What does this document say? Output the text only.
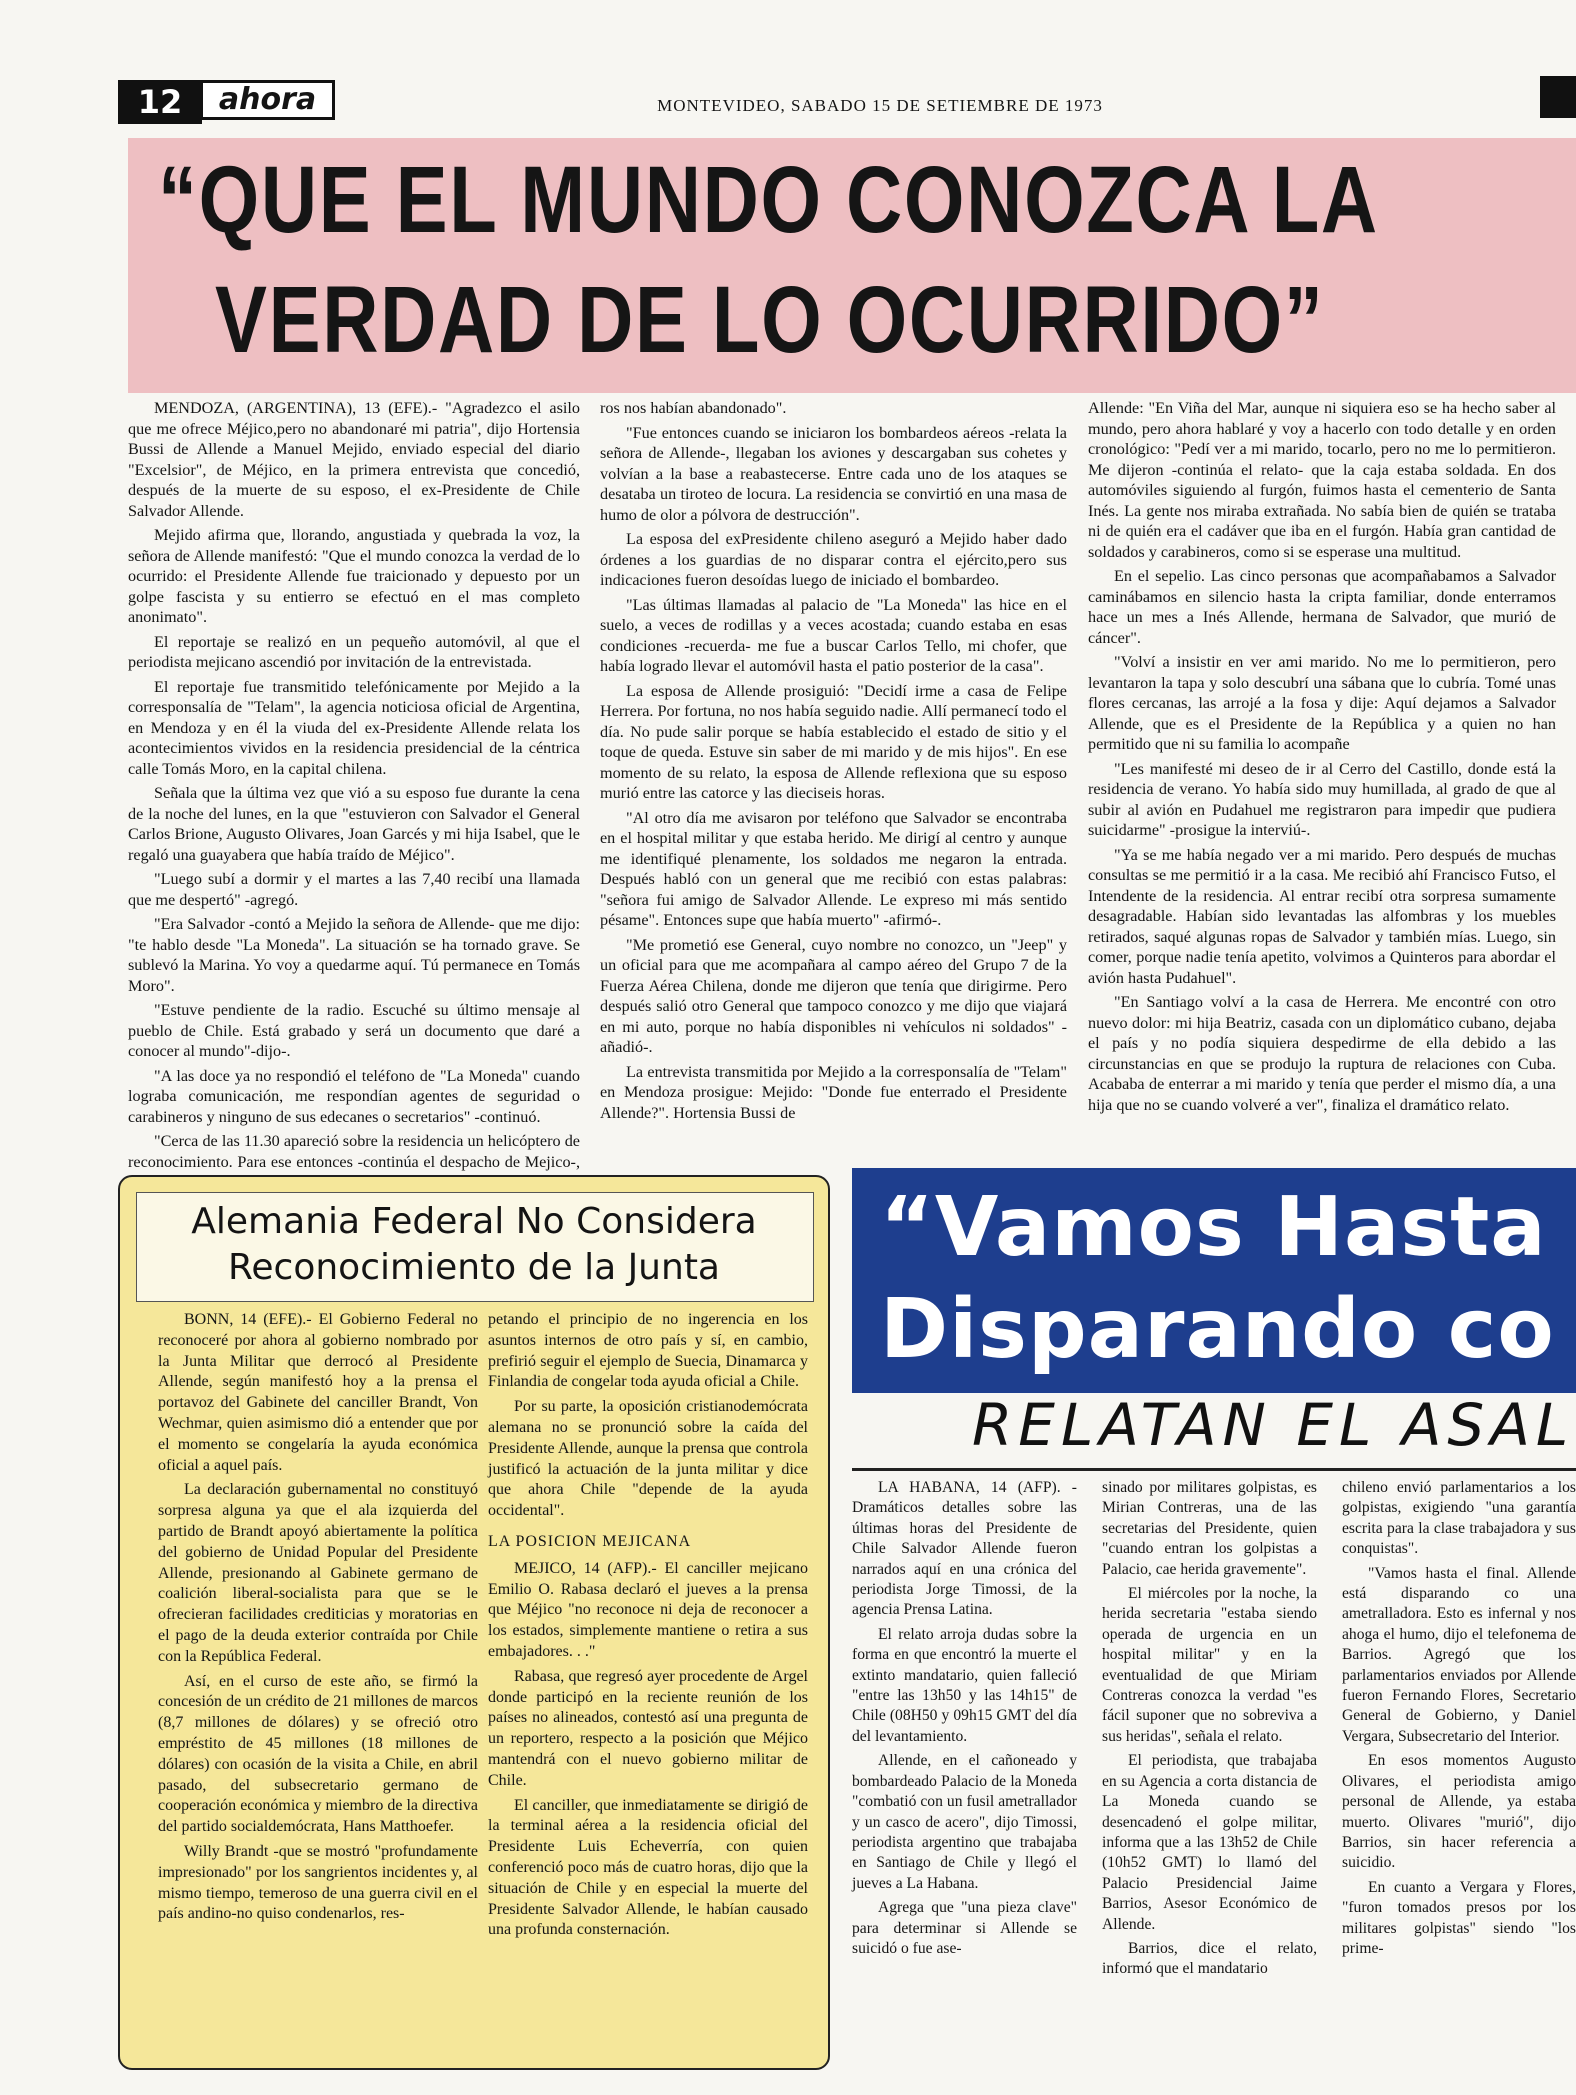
12	ahora	MONTEVIDEO, SABADO 15 DE SETIEMBRE DE 1973
“QUE EL MUNDO CONOZCA LA
VERDAD DE LO OCURRIDO”

MENDOZA, (ARGENTINA), 13 (EFE).- "Agradezco el asilo que me ofrece Méjico,pero no abandonaré mi patria", dijo Hortensia Bussi de Allende a Manuel Mejido, enviado especial del diario "Excelsior", de Méjico, en la primera entrevista que concedió, después de la muerte de su esposo, el ex-Presidente de Chile Salvador Allende.

Mejido afirma que, llorando, angustiada y quebrada la voz, la señora de Allende manifestó: "Que el mundo conozca la verdad de lo ocurrido: el Presidente Allende fue traicionado y depuesto por un golpe fascista y su entierro se efectuó en el mas completo anonimato".

El reportaje se realizó en un pequeño automóvil, al que el periodista mejicano ascendió por invitación de la entrevistada.

El reportaje fue transmitido telefónicamente por Mejido a la corresponsalía de "Telam", la agencia noticiosa oficial de Argentina, en Mendoza y en él la viuda del ex-Presidente Allende relata los acontecimientos vividos en la residencia presidencial de la céntrica calle Tomás Moro, en la capital chilena.

Señala que la última vez que vió a su esposo fue durante la cena de la noche del lunes, en la que "estuvieron con Salvador el General Carlos Brione, Augusto Olivares, Joan Garcés y mi hija Isabel, que le regaló una guayabera que había traído de Méjico".

"Luego subí a dormir y el martes a las 7,40 recibí una llamada que me despertó" -agregó.

"Era Salvador -contó a Mejido la señora de Allende- que me dijo: "te hablo desde "La Moneda". La situación se ha tornado grave. Se sublevó la Marina. Yo voy a quedarme aquí. Tú permanece en Tomás Moro".

"Estuve pendiente de la radio. Escuché su último mensaje al pueblo de Chile. Está grabado y será un documento que daré a conocer al mundo"-dijo-.

"A las doce ya no respondió el teléfono de "La Moneda" cuando lograba comunicación, me respondían agentes de seguridad o carabineros y ninguno de sus edecanes o secretarios" -continuó.

"Cerca de las 11.30 apareció sobre la residencia un helicóptero de reconocimiento. Para ese entonces -continúa el despacho de Mejico-,

ros nos habían abandonado".

"Fue entonces cuando se iniciaron los bombardeos aéreos -relata la señora de Allende-, llegaban los aviones y descargaban sus cohetes y volvían a la base a reabastecerse. Entre cada uno de los ataques se desataba un tiroteo de locura. La residencia se convirtió en una masa de humo de olor a pólvora de destrucción".

La esposa del exPresidente chileno aseguró a Mejido haber dado órdenes a los guardias de no disparar contra el ejército,pero sus indicaciones fueron desoídas luego de iniciado el bombardeo.

"Las últimas llamadas al palacio de "La Moneda" las hice en el suelo, a veces de rodillas y a veces acostada; cuando estaba en esas condiciones -recuerda- me fue a buscar Carlos Tello, mi chofer, que había logrado llevar el automóvil hasta el patio posterior de la casa".

La esposa de Allende prosiguió: "Decidí irme a casa de Felipe Herrera. Por fortuna, no nos había seguido nadie. Allí permanecí todo el día. No pude salir porque se había establecido el estado de sitio y el toque de queda. Estuve sin saber de mi marido y de mis hijos". En ese momento de su relato, la esposa de Allende reflexiona que su esposo murió entre las catorce y las dieciseis horas.

"Al otro día me avisaron por teléfono que Salvador se encontraba en el hospital militar y que estaba herido. Me dirigí al centro y aunque me identifiqué plenamente, los soldados me negaron la entrada. Después habló con un general que me recibió con estas palabras: "señora fui amigo de Salvador Allende. Le expreso mi más sentido pésame". Entonces supe que había muerto" -afirmó-.

"Me prometió ese General, cuyo nombre no conozco, un "Jeep" y un oficial para que me acompañara al campo aéreo del Grupo 7 de la Fuerza Aérea Chilena, donde me dijeron que tenía que dirigirme. Pero después salió otro General que tampoco conozco y me dijo que viajará en mi auto, porque no había disponibles ni vehículos ni soldados" -añadió-.

La entrevista transmitida por Mejido a la corresponsalía de "Telam" en Mendoza prosigue: Mejido: "Donde fue enterrado el Presidente Allende?". Hortensia Bussi de

Allende: "En Viña del Mar, aunque ni siquiera eso se ha hecho saber al mundo, pero ahora hablaré y voy a hacerlo con todo detalle y en orden cronológico: "Pedí ver a mi marido, tocarlo, pero no me lo permitieron. Me dijeron -continúa el relato- que la caja estaba soldada. En dos automóviles siguiendo al furgón, fuimos hasta el cementerio de Santa Inés. La gente nos miraba extrañada. No sabía bien de quién se trataba ni de quién era el cadáver que iba en el furgón. Había gran cantidad de soldados y carabineros, como si se esperase una multitud.

En el sepelio. Las cinco personas que acompañabamos a Salvador caminábamos en silencio hasta la cripta familiar, donde enterramos hace un mes a Inés Allende, hermana de Salvador, que murió de cáncer".

"Volví a insistir en ver ami marido. No me lo permitieron, pero levantaron la tapa y solo descubrí una sábana que lo cubría. Tomé unas flores cercanas, las arrojé a la fosa y dije: Aquí dejamos a Salvador Allende, que es el Presidente de la República y a quien no han permitido que ni su familia lo acompañe

"Les manifesté mi deseo de ir al Cerro del Castillo, donde está la residencia de verano. Yo había sido muy humillada, al grado de que al subir al avión en Pudahuel me registraron para impedir que pudiera suicidarme" -prosigue la interviú-.

"Ya se me había negado ver a mi marido. Pero después de muchas consultas se me permitió ir a la casa. Me recibió ahí Francisco Futso, el Intendente de la residencia. Al entrar recibí otra sorpresa sumamente desagradable. Habían sido levantadas las alfombras y los muebles retirados, saqué algunas ropas de Salvador y también mías. Luego, sin comer, porque nadie tenía apetito, volvimos a Quinteros para abordar el avión hasta Pudahuel".

"En Santiago volví a la casa de Herrera. Me encontré con otro nuevo dolor: mi hija Beatriz, casada con un diplomático cubano, dejaba el país y no podía siquiera despedirme de ella debido a las circunstancias en que se produjo la ruptura de relaciones con Cuba. Acababa de enterrar a mi marido y tenía que perder el mismo día, a una hija que no se cuando volveré a ver", finaliza el dramático relato.

Alemania Federal No Considera
Reconocimiento de la Junta

BONN, 14 (EFE).- El Gobierno Federal no reconoceré por ahora al gobierno nombrado por la Junta Militar que derrocó al Presidente Allende, según manifestó hoy a la prensa el portavoz del Gabinete del canciller Brandt, Von Wechmar, quien asimismo dió a entender que por el momento se congelaría la ayuda económica oficial a aquel país.

La declaración gubernamental no constituyó sorpresa alguna ya que el ala izquierda del partido de Brandt apoyó abiertamente la política del gobierno de Unidad Popular del Presidente Allende, presionando al Gabinete germano de coalición liberal-socialista para que se le ofrecieran facilidades crediticias y moratorias en el pago de la deuda exterior contraída por Chile con la República Federal.

Así, en el curso de este año, se firmó la concesión de un crédito de 21 millones de marcos (8,7 millones de dólares) y se ofreció otro empréstito de 45 millones (18 millones de dólares) con ocasión de la visita a Chile, en abril pasado, del subsecretario germano de cooperación económica y miembro de la directiva del partido socialdemócrata, Hans Matthoefer.

Willy Brandt -que se mostró "profundamente impresionado" por los sangrientos incidentes y, al mismo tiempo, temeroso de una guerra civil en el país andino-no quiso condenarlos, res-

petando el principio de no ingerencia en los asuntos internos de otro país y sí, en cambio, prefirió seguir el ejemplo de Suecia, Dinamarca y Finlandia de congelar toda ayuda oficial a Chile.

Por su parte, la oposición cristianodemócrata alemana no se pronunció sobre la caída del Presidente Allende, aunque la prensa que controla justificó la actuación de la junta militar y dice que ahora Chile "depende de la ayuda occidental".

LA POSICION MEJICANA

MEJICO, 14 (AFP).- El canciller mejicano Emilio O. Rabasa declaró el jueves a la prensa que Méjico "no reconoce ni deja de reconocer a los estados, simplemente mantiene o retira a sus embajadores. . ."

Rabasa, que regresó ayer procedente de Argel donde participó en la reciente reunión de los países no alineados, contestó así una pregunta de un reportero, respecto a la posición que Méjico mantendrá con el nuevo gobierno militar de Chile.

El canciller, que inmediatamente se dirigió de la terminal aérea a la residencia oficial del Presidente Luis Echeverría, con quien conferenció poco más de cuatro horas, dijo que la situación de Chile y en especial la muerte del Presidente Salvador Allende, le habían causado una profunda consternación.

“Vamos Hasta
Disparando co
RELATAN EL ASAL

LA HABANA, 14 (AFP). - Dramáticos detalles sobre las últimas horas del Presidente de Chile Salvador Allende fueron narrados aquí en una crónica del periodista Jorge Timossi, de la agencia Prensa Latina.

El relato arroja dudas sobre la forma en que encontró la muerte el extinto mandatario, quien falleció "entre las 13h50 y las 14h15" de Chile (08H50 y 09h15 GMT del día del levantamiento.

Allende, en el cañoneado y bombardeado Palacio de la Moneda "combatió con un fusil ametrallador y un casco de acero", dijo Timossi, periodista argentino que trabajaba en Santiago de Chile y llegó el jueves a La Habana.

Agrega que "una pieza clave" para determinar si Allende se suicidó o fue ase-

sinado por militares golpistas, es Mirian Contreras, una de las secretarias del Presidente, quien "cuando entran los golpistas a Palacio, cae herida gravemente".

El miércoles por la noche, la herida secretaria "estaba siendo operada de urgencia en un hospital militar" y en la eventualidad de que Miriam Contreras conozca la verdad "es fácil suponer que no sobreviva a sus heridas", señala el relato.

El periodista, que trabajaba en su Agencia a corta distancia de La Moneda cuando se desencadenó el golpe militar, informa que a las 13h52 de Chile (10h52 GMT) lo llamó del Palacio Presidencial Jaime Barrios, Asesor Económico de Allende.

Barrios, dice el relato, informó que el mandatario

chileno envió parlamentarios a los golpistas, exigiendo "una garantía escrita para la clase trabajadora y sus conquistas".

"Vamos hasta el final. Allende está disparando co una ametralladora. Esto es infernal y nos ahoga el humo, dijo el telefonema de Barrios. Agregó que los parlamentarios enviados por Allende fueron Fernando Flores, Secretario General de Gobierno, y Daniel Vergara, Subsecretario del Interior.

En esos momentos Augusto Olivares, el periodista amigo personal de Allende, ya estaba muerto. Olivares "murió", dijo Barrios, sin hacer referencia a suicidio.

En cuanto a Vergara y Flores, "furon tomados presos por los militares golpistas" siendo "los prime-
